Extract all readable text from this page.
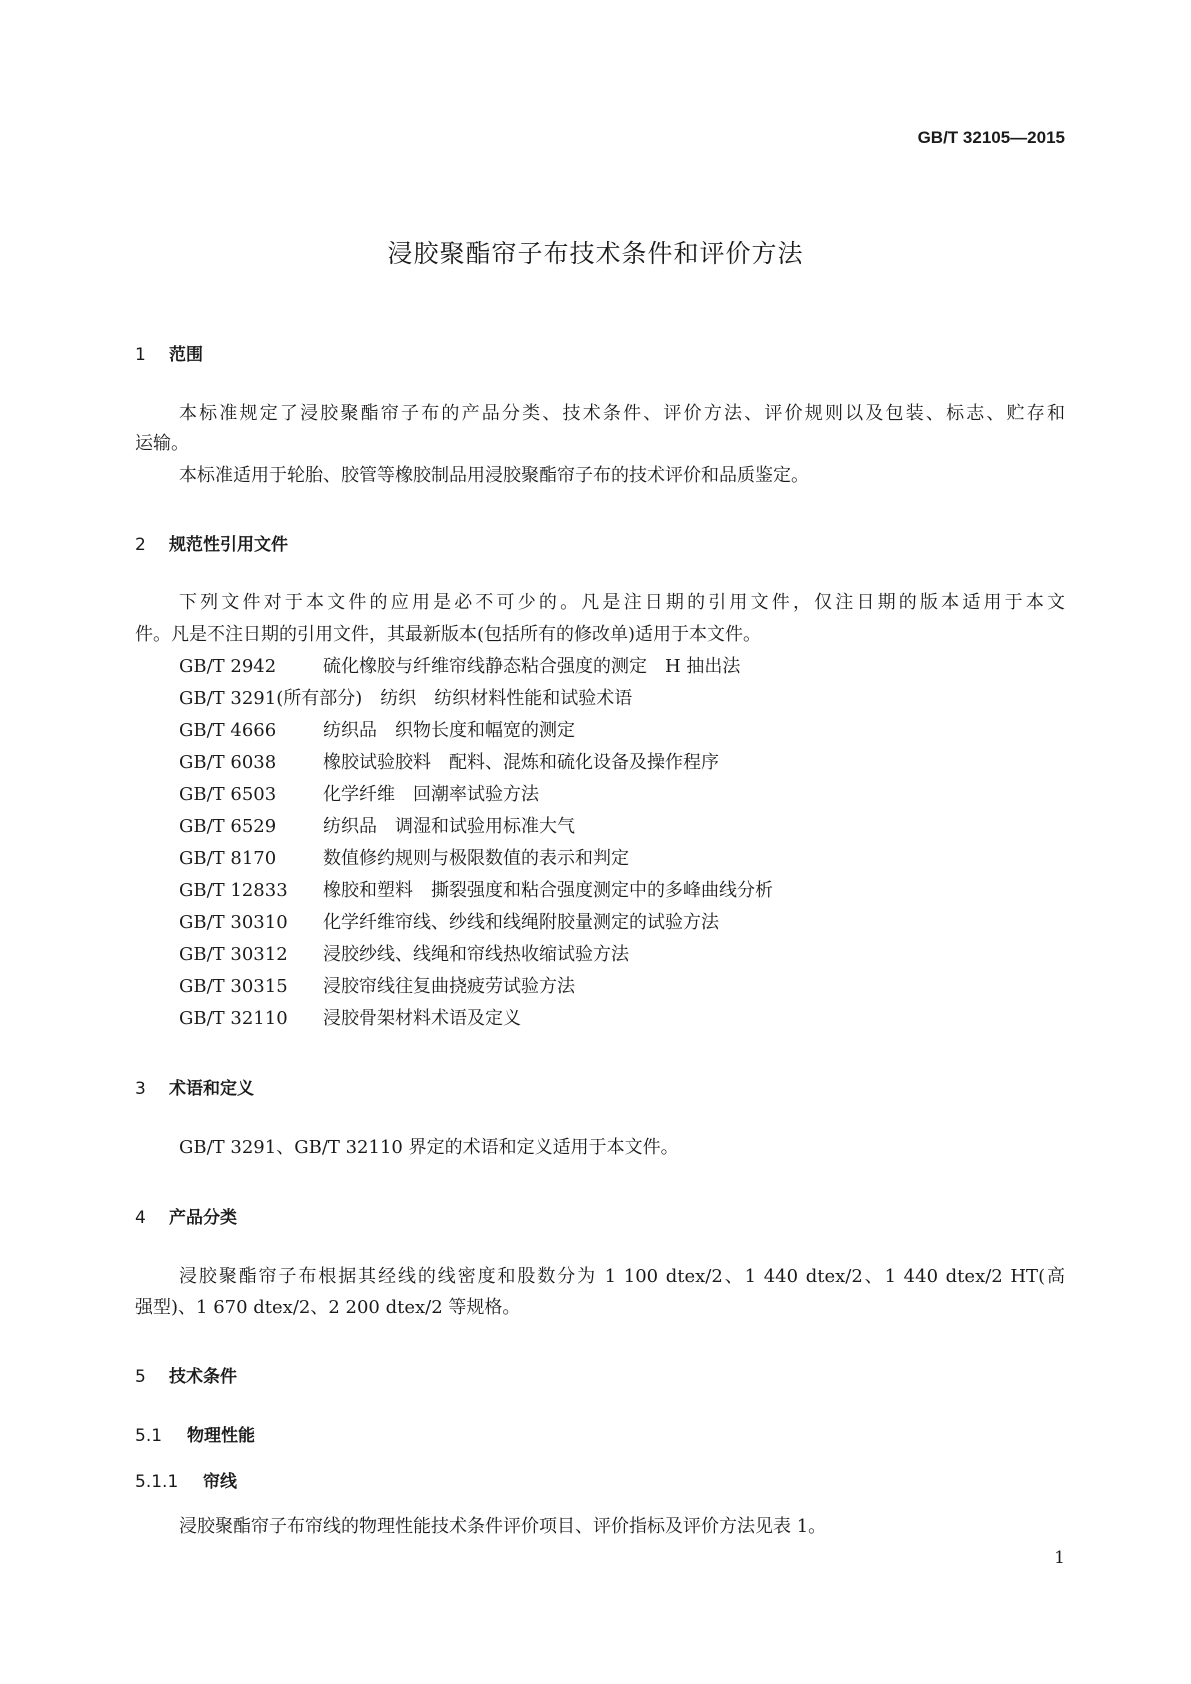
GB/T 32105—2015
浸胶聚酯帘子布技术条件和评价方法
1 范围
本标准规定了浸胶聚酯帘子布的产品分类、技术条件、评价方法、评价规则以及包装、标志、贮存和
运输。
本标准适用于轮胎、胶管等橡胶制品用浸胶聚酯帘子布的技术评价和品质鉴定。
2 规范性引用文件
下列文件对于本文件的应用是必不可少的。凡是注日期的引用文件，仅注日期的版本适用于本文
件。凡是不注日期的引用文件，其最新版本(包括所有的修改单)适用于本文件。
GB/T 2942　	硫化橡胶与纤维帘线静态粘合强度的测定　H 抽出法
GB/T 3291(所有部分)　 纺织　纺织材料性能和试验术语
GB/T 4666　	纺织品　织物长度和幅宽的测定
GB/T 6038　	橡胶试验胶料　配料、混炼和硫化设备及操作程序
GB/T 6503　	化学纤维　回潮率试验方法
GB/T 6529　	纺织品　调湿和试验用标准大气
GB/T 8170　	数值修约规则与极限数值的表示和判定
GB/T 12833　 橡胶和塑料　撕裂强度和粘合强度测定中的多峰曲线分析
GB/T 30310　 化学纤维帘线、纱线和线绳附胶量测定的试验方法
GB/T 30312　 浸胶纱线、线绳和帘线热收缩试验方法
GB/T 30315　 浸胶帘线往复曲挠疲劳试验方法
GB/T 32110　 浸胶骨架材料术语及定义
3 术语和定义
GB/T 3291、GB/T 32110 界定的术语和定义适用于本文件。
4 产品分类
浸胶聚酯帘子布根据其经线的线密度和股数分为 1 100 dtex/2、1 440 dtex/2、1 440 dtex/2 HT(高
强型)、1 670 dtex/2、2 200 dtex/2 等规格。
5 技术条件
5.1 物理性能
5.1.1 帘线
浸胶聚酯帘子布帘线的物理性能技术条件评价项目、评价指标及评价方法见表 1。
1
